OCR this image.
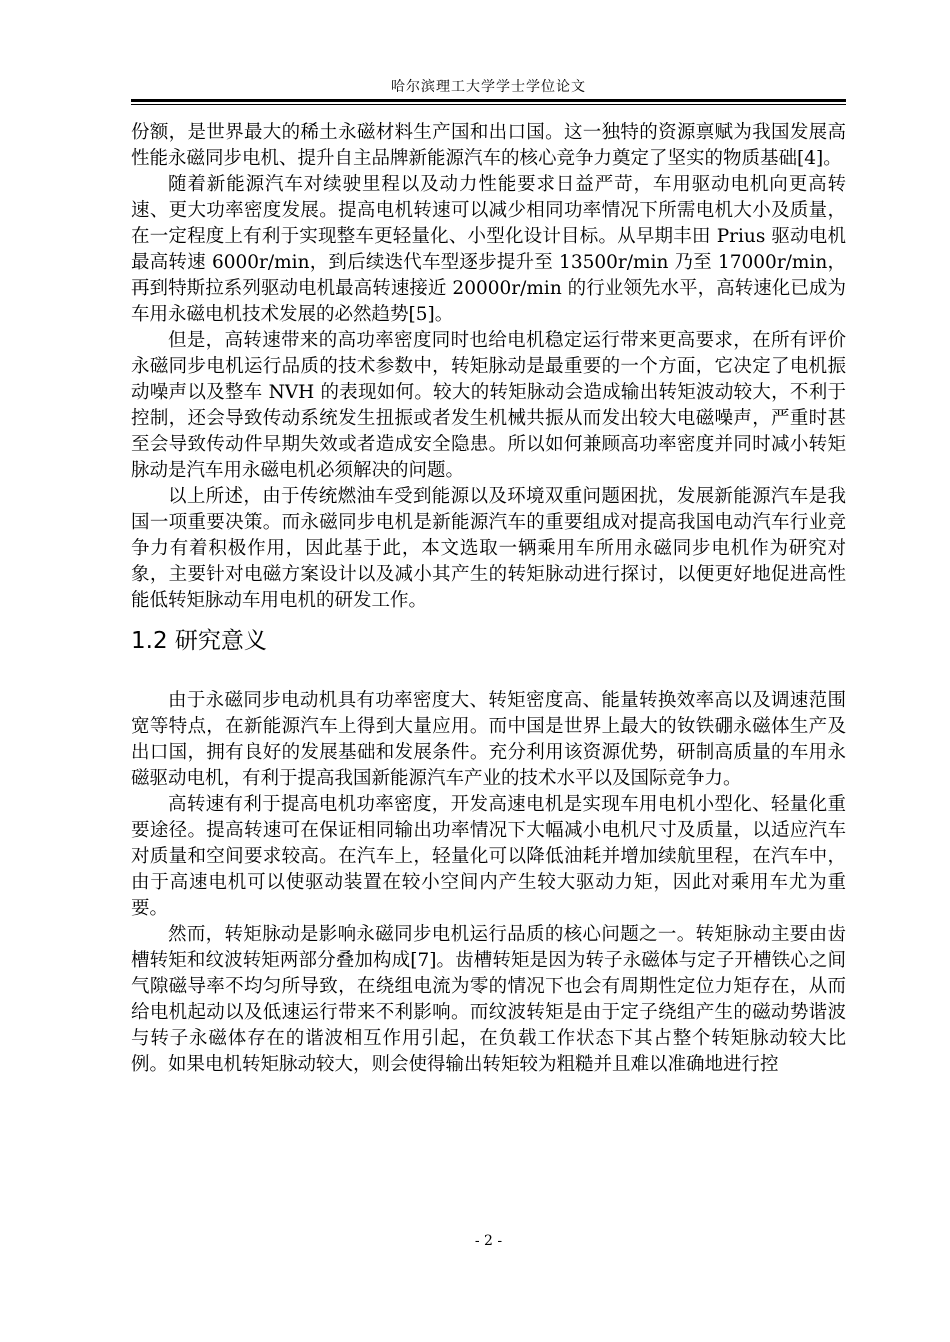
哈尔滨理工大学学士学位论文

份额，是世界最大的稀土永磁材料生产国和出口国。这一独特的资源禀赋为我国发展高性能永磁同步电机、提升自主品牌新能源汽车的核心竞争力奠定了坚实的物质基础[4]。

随着新能源汽车对续驶里程以及动力性能要求日益严苛，车用驱动电机向更高转速、更大功率密度发展。提高电机转速可以减少相同功率情况下所需电机大小及质量，在一定程度上有利于实现整车更轻量化、小型化设计目标。从早期丰田 Prius 驱动电机最高转速 6000r/min，到后续迭代车型逐步提升至 13500r/min 乃至 17000r/min，再到特斯拉系列驱动电机最高转速接近 20000r/min 的行业领先水平，高转速化已成为车用永磁电机技术发展的必然趋势[5]。

但是，高转速带来的高功率密度同时也给电机稳定运行带来更高要求，在所有评价永磁同步电机运行品质的技术参数中，转矩脉动是最重要的一个方面，它决定了电机振动噪声以及整车 NVH 的表现如何。较大的转矩脉动会造成输出转矩波动较大，不利于控制，还会导致传动系统发生扭振或者发生机械共振从而发出较大电磁噪声，严重时甚至会导致传动件早期失效或者造成安全隐患。所以如何兼顾高功率密度并同时减小转矩脉动是汽车用永磁电机必须解决的问题。

以上所述，由于传统燃油车受到能源以及环境双重问题困扰，发展新能源汽车是我国一项重要决策。而永磁同步电机是新能源汽车的重要组成对提高我国电动汽车行业竞争力有着积极作用，因此基于此，本文选取一辆乘用车所用永磁同步电机作为研究对象，主要针对电磁方案设计以及减小其产生的转矩脉动进行探讨，以便更好地促进高性能低转矩脉动车用电机的研发工作。

1.2 研究意义

由于永磁同步电动机具有功率密度大、转矩密度高、能量转换效率高以及调速范围宽等特点，在新能源汽车上得到大量应用。而中国是世界上最大的钕铁硼永磁体生产及出口国，拥有良好的发展基础和发展条件。充分利用该资源优势，研制高质量的车用永磁驱动电机，有利于提高我国新能源汽车产业的技术水平以及国际竞争力。

高转速有利于提高电机功率密度，开发高速电机是实现车用电机小型化、轻量化重要途径。提高转速可在保证相同输出功率情况下大幅减小电机尺寸及质量，以适应汽车对质量和空间要求较高。在汽车上，轻量化可以降低油耗并增加续航里程，在汽车中，由于高速电机可以使驱动装置在较小空间内产生较大驱动力矩，因此对乘用车尤为重要。

然而，转矩脉动是影响永磁同步电机运行品质的核心问题之一。转矩脉动主要由齿槽转矩和纹波转矩两部分叠加构成[7]。齿槽转矩是因为转子永磁体与定子开槽铁心之间气隙磁导率不均匀所导致，在绕组电流为零的情况下也会有周期性定位力矩存在，从而给电机起动以及低速运行带来不利影响。而纹波转矩是由于定子绕组产生的磁动势谐波与转子永磁体存在的谐波相互作用引起，在负载工作状态下其占整个转矩脉动较大比例。如果电机转矩脉动较大，则会使得输出转矩较为粗糙并且难以准确地进行控

- 2 -
